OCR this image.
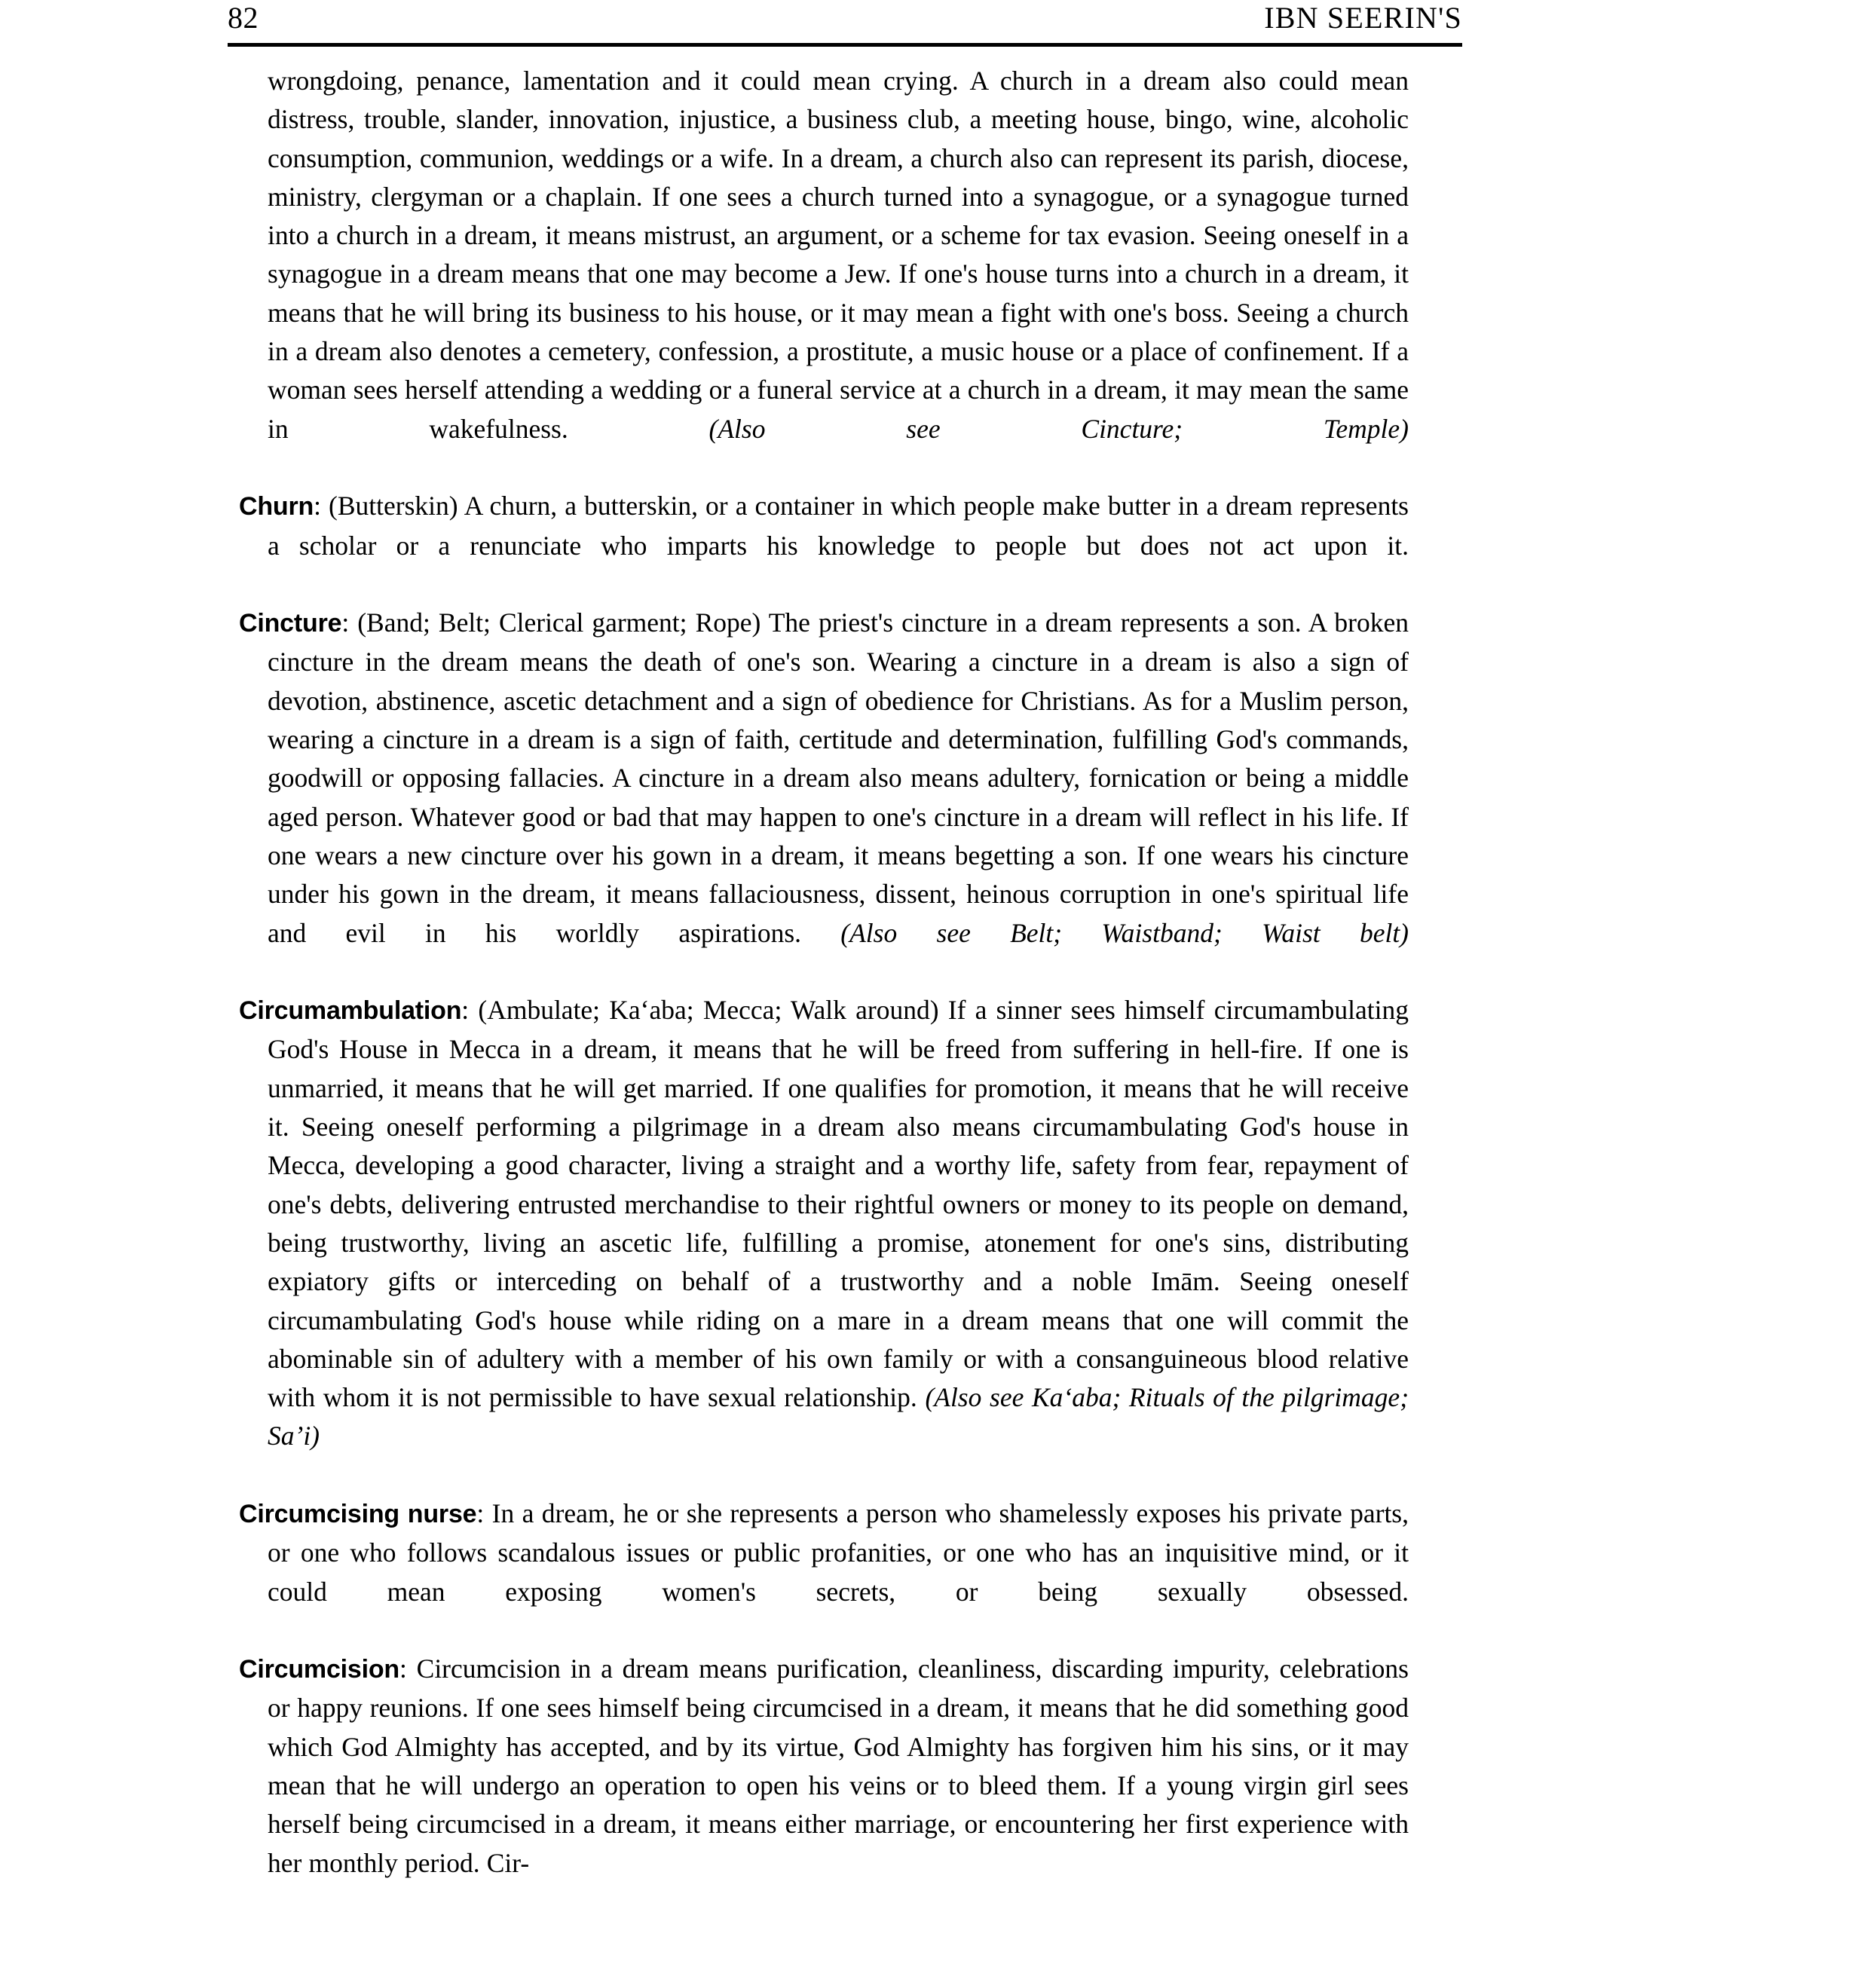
82	IBN SEERIN'S

wrongdoing, penance, lamentation and it could mean crying. A church in a dream also could mean distress, trouble, slander, innovation, injustice, a business club, a meeting house, bingo, wine, alcoholic consumption, communion, weddings or a wife. In a dream, a church also can represent its parish, diocese, ministry, clergyman or a chaplain. If one sees a church turned into a synagogue, or a synagogue turned into a church in a dream, it means mistrust, an argument, or a scheme for tax evasion. Seeing oneself in a synagogue in a dream means that one may become a Jew. If one's house turns into a church in a dream, it means that he will bring its business to his house, or it may mean a fight with one's boss. Seeing a church in a dream also denotes a cemetery, confession, a prostitute, a music house or a place of confinement. If a woman sees herself attending a wedding or a funeral service at a church in a dream, it may mean the same in wakefulness. (Also see Cincture; Temple)

Churn: (Butterskin) A churn, a butterskin, or a container in which people make butter in a dream represents a scholar or a renunciate who imparts his knowledge to people but does not act upon it.

Cincture: (Band; Belt; Clerical garment; Rope) The priest's cincture in a dream represents a son. A broken cincture in the dream means the death of one's son. Wearing a cincture in a dream is also a sign of devotion, abstinence, ascetic detachment and a sign of obedience for Christians. As for a Muslim person, wearing a cincture in a dream is a sign of faith, certitude and determination, fulfilling God's commands, goodwill or opposing fallacies. A cincture in a dream also means adultery, fornication or being a middle aged person. Whatever good or bad that may happen to one's cincture in a dream will reflect in his life. If one wears a new cincture over his gown in a dream, it means begetting a son. If one wears his cincture under his gown in the dream, it means fallaciousness, dissent, heinous corruption in one's spiritual life and evil in his worldly aspirations. (Also see Belt; Waistband; Waist belt)

Circumambulation: (Ambulate; Kaʻaba; Mecca; Walk around) If a sinner sees himself circumambulating God's House in Mecca in a dream, it means that he will be freed from suffering in hell-fire. If one is unmarried, it means that he will get married. If one qualifies for promotion, it means that he will receive it. Seeing oneself performing a pilgrimage in a dream also means circumambulating God's house in Mecca, developing a good character, living a straight and a worthy life, safety from fear, repayment of one's debts, delivering entrusted merchandise to their rightful owners or money to its people on demand, being trustworthy, living an ascetic life, fulfilling a promise, atonement for one's sins, distributing expiatory gifts or interceding on behalf of a trustworthy and a noble Imām. Seeing oneself circumambulating God's house while riding on a mare in a dream means that one will commit the abominable sin of adultery with a member of his own family or with a consanguineous blood relative with whom it is not permissible to have sexual relationship. (Also see Kaʻaba; Rituals of the pilgrimage; Saʼi)

Circumcising nurse: In a dream, he or she represents a person who shamelessly exposes his private parts, or one who follows scandalous issues or public profanities, or one who has an inquisitive mind, or it could mean exposing women's secrets, or being sexually obsessed.

Circumcision: Circumcision in a dream means purification, cleanliness, discarding impurity, celebrations or happy reunions. If one sees himself being circumcised in a dream, it means that he did something good which God Almighty has accepted, and by its virtue, God Almighty has forgiven him his sins, or it may mean that he will undergo an operation to open his veins or to bleed them. If a young virgin girl sees herself being circumcised in a dream, it means either marriage, or encountering her first experience with her monthly period. Cir-
